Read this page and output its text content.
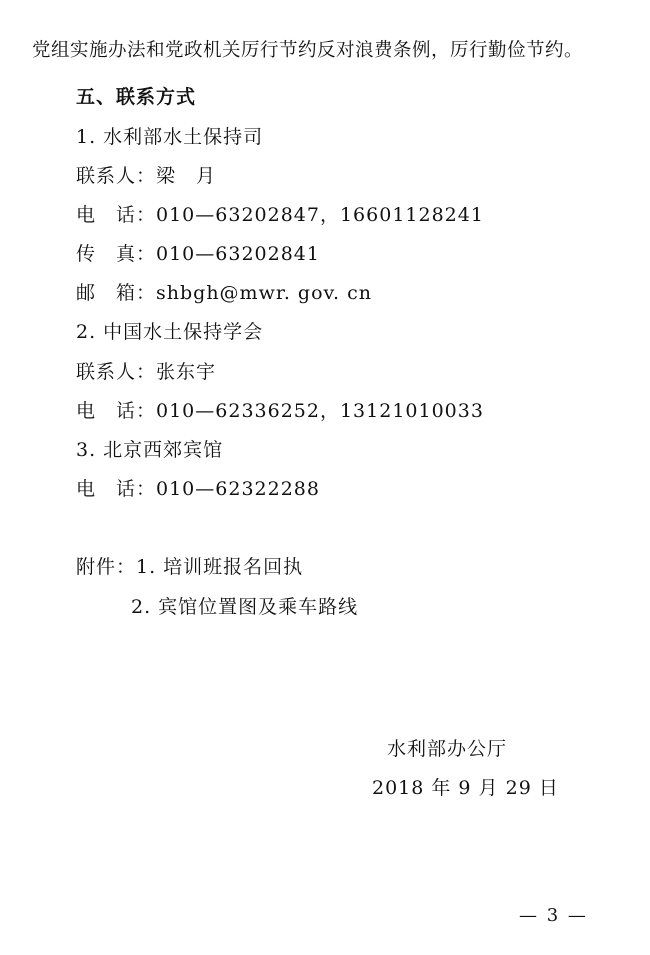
党组实施办法和党政机关厉行节约反对浪费条例，厉行勤俭节约。
五、联系方式
1. 水利部水土保持司
联系人：梁　月
电　话：010—63202847，16601128241
传　真：010—63202841
邮　箱：shbgh@mwr. gov. cn
2. 中国水土保持学会
联系人：张东宇
电　话：010—62336252，13121010033
3. 北京西郊宾馆
电　话：010—62322288
附件：1. 培训班报名回执
2. 宾馆位置图及乘车路线
水利部办公厅
2018 年 9 月 29 日
— 3 —
